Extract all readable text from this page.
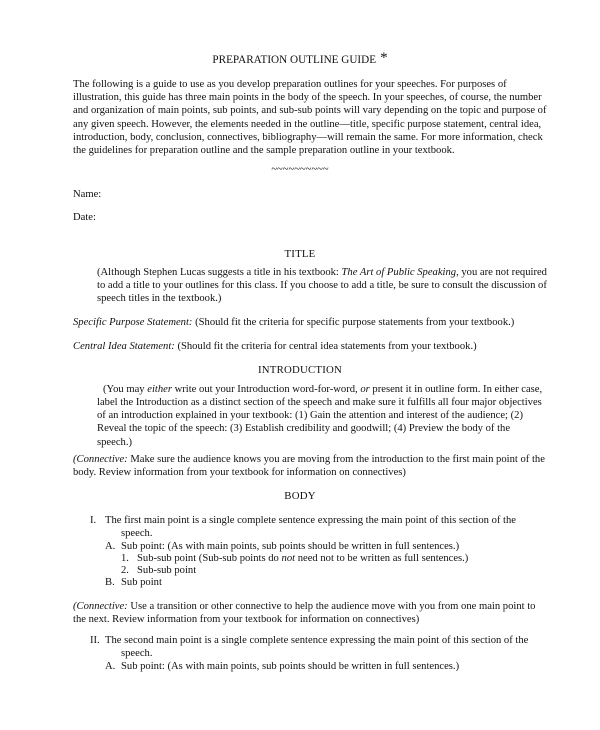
PREPARATION OUTLINE GUIDE *
The following is a guide to use as you develop preparation outlines for your speeches. For purposes of
illustration, this guide has three main points in the body of the speech. In your speeches, of course, the number
and organization of main points, sub points, and sub-sub points will vary depending on the topic and purpose of
any given speech. However, the elements needed in the outline—title, specific purpose statement, central idea,
introduction, body, conclusion, connectives, bibliography—will remain the same. For more information, check
the guidelines for preparation outline and the sample preparation outline in your textbook.
~~~~~~~~~~
Name:
Date:
TITLE
(Although Stephen Lucas suggests a title in his textbook: The Art of Public Speaking, you are not required
to add a title to your outlines for this class. If you choose to add a title, be sure to consult the discussion of
speech titles in the textbook.)
Specific Purpose Statement: (Should fit the criteria for specific purpose statements from your textbook.)
Central Idea Statement: (Should fit the criteria for central idea statements from your textbook.)
INTRODUCTION
(You may either write out your Introduction word-for-word, or present it in outline form. In either case,
label the Introduction as a distinct section of the speech and make sure it fulfills all four major objectives
of an introduction explained in your textbook: (1) Gain the attention and interest of the audience; (2)
Reveal the topic of the speech: (3) Establish credibility and goodwill; (4) Preview the body of the
speech.)
(Connective: Make sure the audience knows you are moving from the introduction to the first main point of the
body. Review information from your textbook for information on connectives)
BODY
I. The first main point is a single complete sentence expressing the main point of this section of the
speech.
A. Sub point: (As with main points, sub points should be written in full sentences.)
1. Sub-sub point (Sub-sub points do not need not to be written as full sentences.)
2. Sub-sub point
B. Sub point
(Connective: Use a transition or other connective to help the audience move with you from one main point to
the next. Review information from your textbook for information on connectives)
II. The second main point is a single complete sentence expressing the main point of this section of the
speech.
A. Sub point: (As with main points, sub points should be written in full sentences.)
